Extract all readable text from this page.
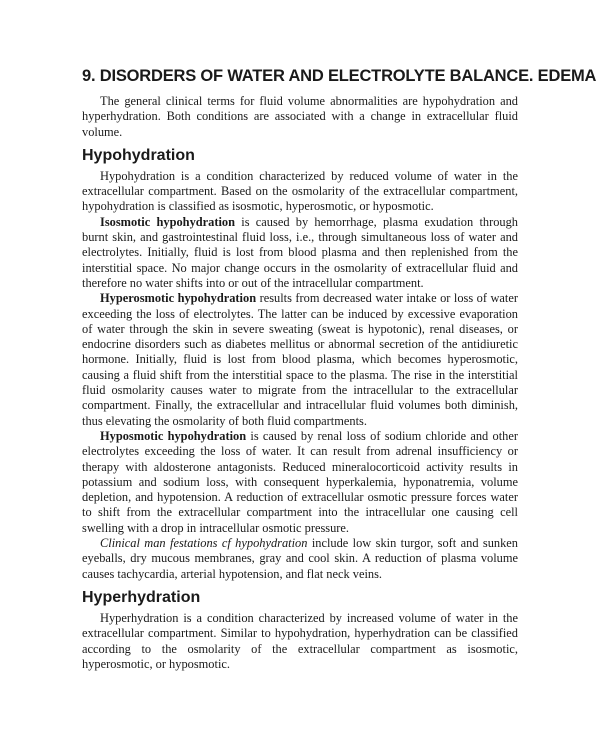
9. DISORDERS OF WATER AND ELECTROLYTE BALANCE. EDEMA

The general clinical terms for fluid volume abnormalities are hypohydration and hyperhydration. Both conditions are associated with a change in extracellular fluid volume.

Hypohydration

Hypohydration is a condition characterized by reduced volume of water in the extracellular compartment. Based on the osmolarity of the extracellular compartment, hypohydration is classified as isosmotic, hyperosmotic, or hyposmotic.

Isosmotic hypohydration is caused by hemorrhage, plasma exudation through burnt skin, and gastrointestinal fluid loss, i.e., through simultaneous loss of water and electrolytes. Initially, fluid is lost from blood plasma and then replenished from the interstitial space. No major change occurs in the osmolarity of extracellular fluid and therefore no water shifts into or out of the intracellular compartment.

Hyperosmotic hypohydration results from decreased water intake or loss of water exceeding the loss of electrolytes. The latter can be induced by excessive evaporation of water through the skin in severe sweating (sweat is hypotonic), renal diseases, or endocrine disorders such as diabetes mellitus or abnormal secretion of the antidiuretic hormone. Initially, fluid is lost from blood plasma, which becomes hyperosmotic, causing a fluid shift from the interstitial space to the plasma. The rise in the interstitial fluid osmolarity causes water to migrate from the intracellular to the extracellular compartment. Finally, the extracellular and intracellular fluid volumes both diminish, thus elevating the osmolarity of both fluid compartments.

Hyposmotic hypohydration is caused by renal loss of sodium chloride and other electrolytes exceeding the loss of water. It can result from adrenal insufficiency or therapy with aldosterone antagonists. Reduced mineralocorticoid activity results in potassium and sodium loss, with consequent hyperkalemia, hyponatremia, volume depletion, and hypotension. A reduction of extracellular osmotic pressure forces water to shift from the extracellular compartment into the intracellular one causing cell swelling with a drop in intracellular osmotic pressure.

Clinical man festations cf hypohydration include low skin turgor, soft and sunken eyeballs, dry mucous membranes, gray and cool skin. A reduction of plasma volume causes tachycardia, arterial hypotension, and flat neck veins.

Hyperhydration

Hyperhydration is a condition characterized by increased volume of water in the extracellular compartment. Similar to hypohydration, hyperhydration can be classified according to the osmolarity of the extracellular compartment as isosmotic, hyperosmotic, or hyposmotic.
